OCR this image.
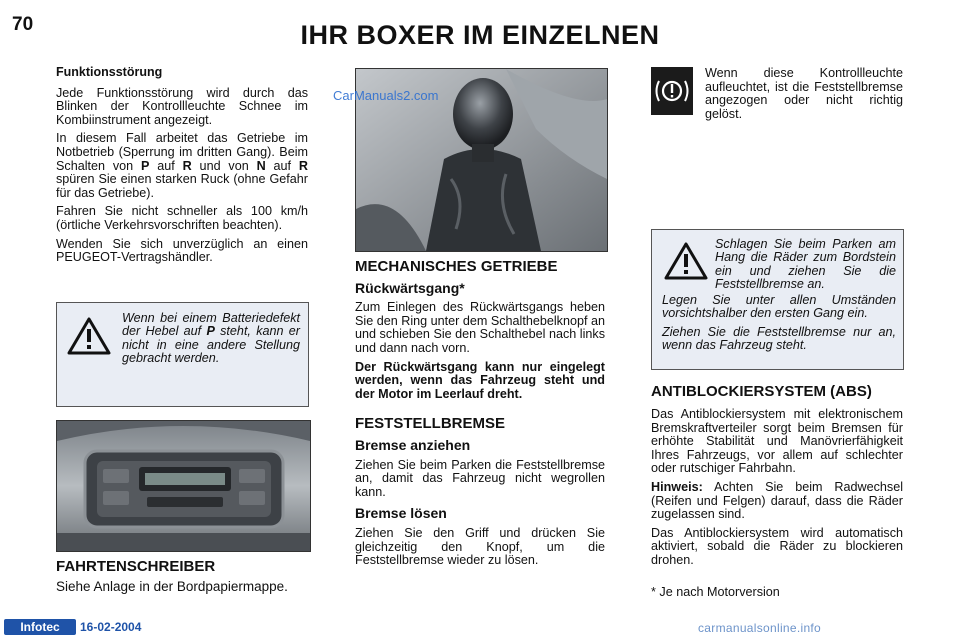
70	IHR BOXER IM EINZELNEN
Funktionsstörung

Jede Funktionsstörung wird durch das Blinken der Kontrollleuchte Schnee im Kombiinstrument angezeigt.

In diesem Fall arbeitet das Getriebe im Notbetrieb (Sperrung im dritten Gang). Beim Schalten von P auf R und von N auf R spüren Sie einen starken Ruck (ohne Gefahr für das Getriebe).

Fahren Sie nicht schneller als 100 km/h (örtliche Verkehrsvorschriften beachten).

Wenden Sie sich unverzüglich an einen PEUGEOT-Vertragshändler.

Wenn bei einem Batteriedefekt der Hebel auf P steht, kann er nicht in eine andere Stellung gebracht werden.

FAHRTENSCHREIBER

Siehe Anlage in der Bordpapiermappe.

CarManuals2.com
MECHANISCHES GETRIEBE
Rückwärtsgang*

Zum Einlegen des Rückwärtsgangs heben Sie den Ring unter dem Schalthebelknopf an und schieben Sie den Schalthebel nach links und dann nach vorn.

Der Rückwärtsgang kann nur eingelegt werden, wenn das Fahrzeug steht und der Motor im Leerlauf dreht.

FESTSTELLBREMSE
Bremse anziehen

Ziehen Sie beim Parken die Feststellbremse an, damit das Fahrzeug nicht wegrollen kann.

Bremse lösen

Ziehen Sie den Griff und drücken Sie gleichzeitig den Knopf, um die Feststellbremse wieder zu lösen.

Wenn diese Kontrollleuchte aufleuchtet, ist die Feststellbremse angezogen oder nicht richtig gelöst.

Schlagen Sie beim Parken am Hang die Räder zum Bordstein ein und ziehen Sie die Feststellbremse an.

Legen Sie unter allen Umständen vorsichtshalber den ersten Gang ein.

Ziehen Sie die Feststellbremse nur an, wenn das Fahrzeug steht.

ANTIBLOCKIERSYSTEM (ABS)

Das Antiblockiersystem mit elektronischem Bremskraftverteiler sorgt beim Bremsen für erhöhte Stabilität und Manövrierfähigkeit Ihres Fahrzeugs, vor allem auf schlechter oder rutschiger Fahrbahn.

Hinweis: Achten Sie beim Radwechsel (Reifen und Felgen) darauf, dass die Räder zugelassen sind.

Das Antiblockiersystem wird automatisch aktiviert, sobald die Räder zu blockieren drohen.

* Je nach Motorversion

Infotec	16-02-2004	carmanualsonline.info
